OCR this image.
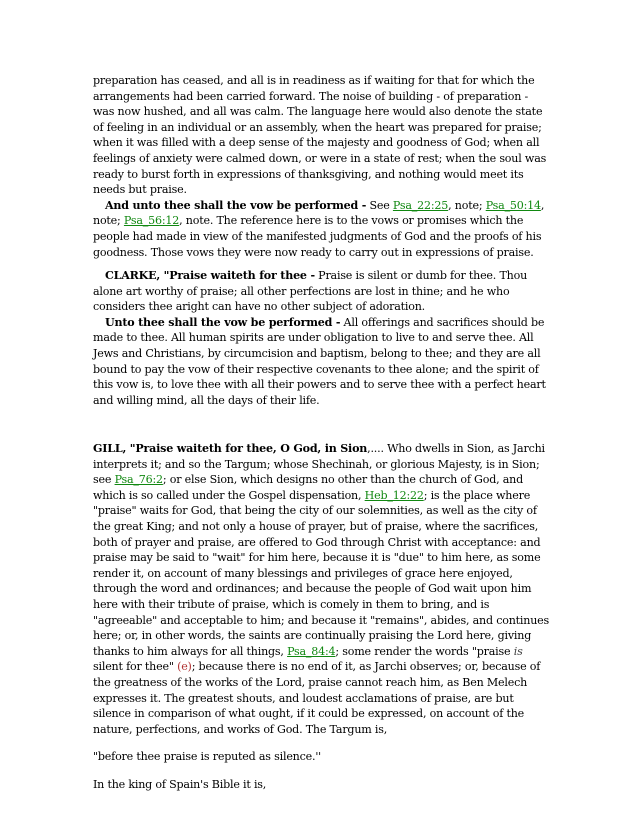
preparation has ceased, and all is in readiness as if waiting for that for which the arrangements had been carried forward. The noise of building - of preparation - was now hushed, and all was calm. The language here would also denote the state of feeling in an individual or an assembly, when the heart was prepared for praise; when it was filled with a deep sense of the majesty and goodness of God; when all feelings of anxiety were calmed down, or were in a state of rest; when the soul was ready to burst forth in expressions of thanksgiving, and nothing would meet its needs but praise.

And unto thee shall the vow be performed - See Psa_22:25, note; Psa_50:14, note; Psa_56:12, note. The reference here is to the vows or promises which the people had made in view of the manifested judgments of God and the proofs of his goodness. Those vows they were now ready to carry out in expressions of praise.

CLARKE, "Praise waiteth for thee - Praise is silent or dumb for thee. Thou alone art worthy of praise; all other perfections are lost in thine; and he who considers thee aright can have no other subject of adoration.

Unto thee shall the vow be performed - All offerings and sacrifices should be made to thee. All human spirits are under obligation to live to and serve thee. All Jews and Christians, by circumcision and baptism, belong to thee; and they are all bound to pay the vow of their respective covenants to thee alone; and the spirit of this vow is, to love thee with all their powers and to serve thee with a perfect heart and willing mind, all the days of their life.

GILL, "Praise waiteth for thee, O God, in Sion,.... Who dwells in Sion, as Jarchi interprets it; and so the Targum; whose Shechinah, or glorious Majesty, is in Sion; see Psa_76:2; or else Sion, which designs no other than the church of God, and which is so called under the Gospel dispensation, Heb_12:22; is the place where "praise" waits for God, that being the city of our solemnities, as well as the city of the great King; and not only a house of prayer, but of praise, where the sacrifices, both of prayer and praise, are offered to God through Christ with acceptance: and praise may be said to "wait" for him here, because it is "due" to him here, as some render it, on account of many blessings and privileges of grace here enjoyed, through the word and ordinances; and because the people of God wait upon him here with their tribute of praise, which is comely in them to bring, and is "agreeable" and acceptable to him; and because it "remains", abides, and continues here; or, in other words, the saints are continually praising the Lord here, giving thanks to him always for all things, Psa_84:4; some render the words "praise is silent for thee" (e); because there is no end of it, as Jarchi observes; or, because of the greatness of the works of the Lord, praise cannot reach him, as Ben Melech expresses it. The greatest shouts, and loudest acclamations of praise, are but silence in comparison of what ought, if it could be expressed, on account of the nature, perfections, and works of God. The Targum is,

"before thee praise is reputed as silence.''

In the king of Spain's Bible it is,
